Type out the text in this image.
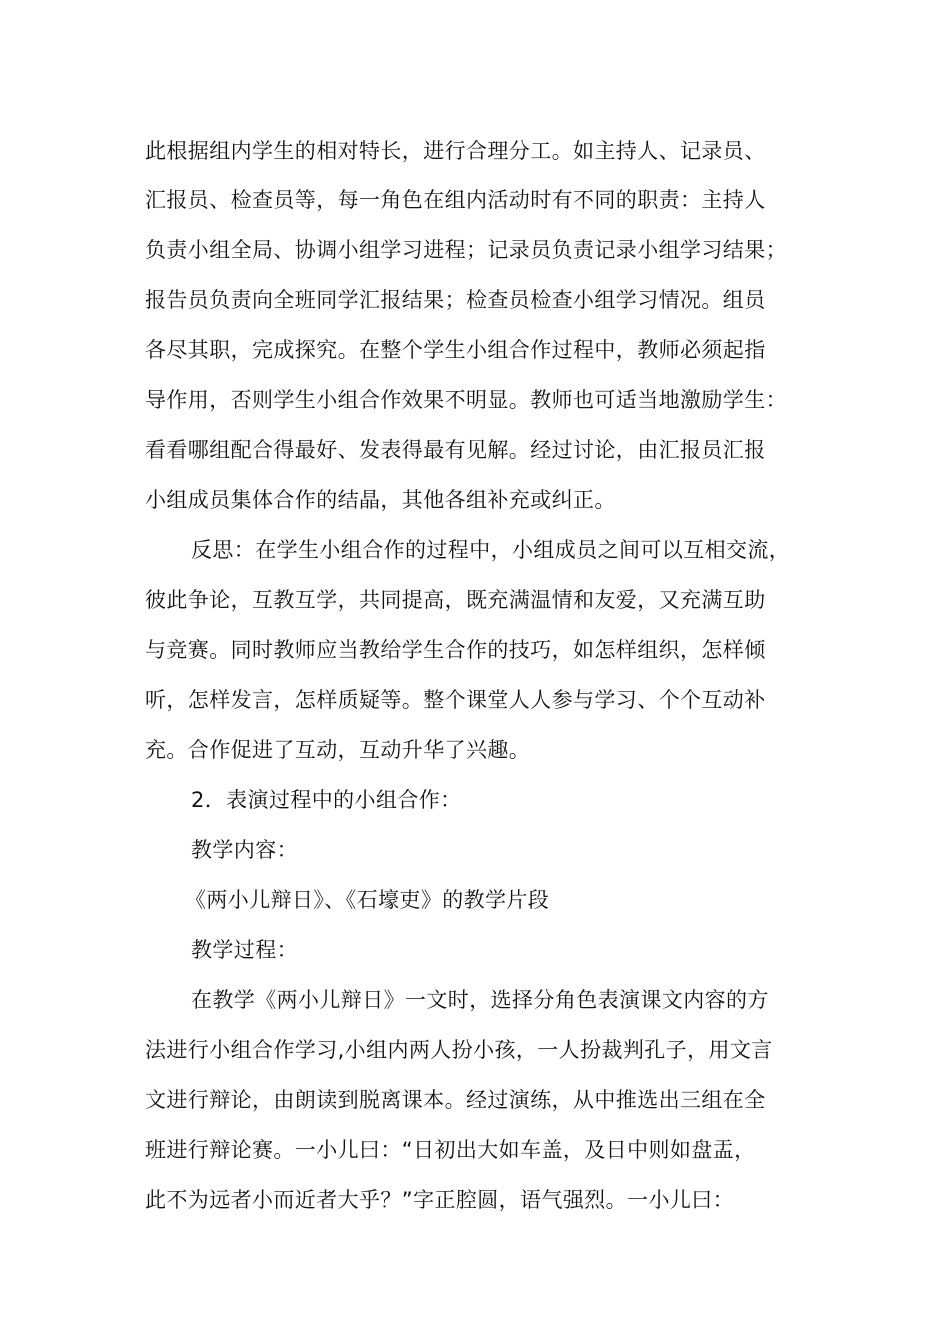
此根据组内学生的相对特长，进行合理分工。如主持人、记录员、
汇报员、检查员等，每一角色在组内活动时有不同的职责：主持人
负责小组全局、协调小组学习进程；记录员负责记录小组学习结果；
报告员负责向全班同学汇报结果；检查员检查小组学习情况。组员
各尽其职，完成探究。在整个学生小组合作过程中，教师必须起指
导作用，否则学生小组合作效果不明显。教师也可适当地激励学生：
看看哪组配合得最好、发表得最有见解。经过讨论，由汇报员汇报
小组成员集体合作的结晶，其他各组补充或纠正。
反思：在学生小组合作的过程中，小组成员之间可以互相交流，
彼此争论，互教互学，共同提高，既充满温情和友爱，又充满互助
与竞赛。同时教师应当教给学生合作的技巧，如怎样组织，怎样倾
听，怎样发言，怎样质疑等。整个课堂人人参与学习、个个互动补
充。合作促进了互动，互动升华了兴趣。
2．表演过程中的小组合作：
教学内容：
《两小儿辩日》、《石壕吏》的教学片段
教学过程：
在教学《两小儿辩日》一文时，选择分角色表演课文内容的方
法进行小组合作学习,小组内两人扮小孩，一人扮裁判孔子，用文言
文进行辩论，由朗读到脱离课本。经过演练，从中推选出三组在全
班进行辩论赛。一小儿曰：“日初出大如车盖，及日中则如盘盂，
此不为远者小而近者大乎？”字正腔圆，语气强烈。一小儿曰：
